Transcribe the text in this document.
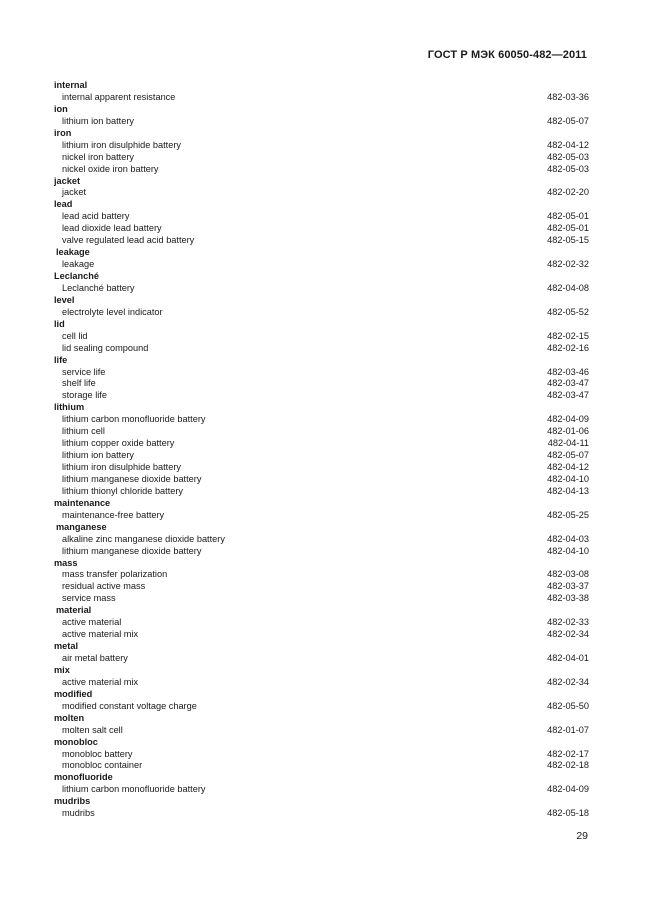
ГОСТ Р МЭК 60050-482—2011
internal
internal apparent resistance	482-03-36
ion
lithium ion battery	482-05-07
iron
lithium iron disulphide battery	482-04-12
nickel iron battery	482-05-03
nickel oxide iron battery	482-05-03
jacket
jacket	482-02-20
lead
lead acid battery	482-05-01
lead dioxide lead battery	482-05-01
valve regulated lead acid battery	482-05-15
leakage
leakage	482-02-32
Leclanché
Leclanché battery	482-04-08
level
electrolyte level indicator	482-05-52
lid
cell lid	482-02-15
lid sealing compound	482-02-16
life
service life	482-03-46
shelf life	482-03-47
storage life	482-03-47
lithium
lithium carbon monofluoride battery	482-04-09
lithium cell	482-01-06
lithium copper oxide battery	482-04-11
lithium ion battery	482-05-07
lithium iron disulphide battery	482-04-12
lithium manganese dioxide battery	482-04-10
lithium thionyl chloride battery	482-04-13
maintenance
maintenance-free battery	482-05-25
manganese
alkaline zinc manganese dioxide battery	482-04-03
lithium manganese dioxide battery	482-04-10
mass
mass transfer polarization	482-03-08
residual active mass	482-03-37
service mass	482-03-38
material
active material	482-02-33
active material mix	482-02-34
metal
air metal battery	482-04-01
mix
active material mix	482-02-34
modified
modified constant voltage charge	482-05-50
molten
molten salt cell	482-01-07
monobloc
monobloc battery	482-02-17
monobloc container	482-02-18
monofluoride
lithium carbon monofluoride battery	482-04-09
mudribs
mudribs	482-05-18
29
